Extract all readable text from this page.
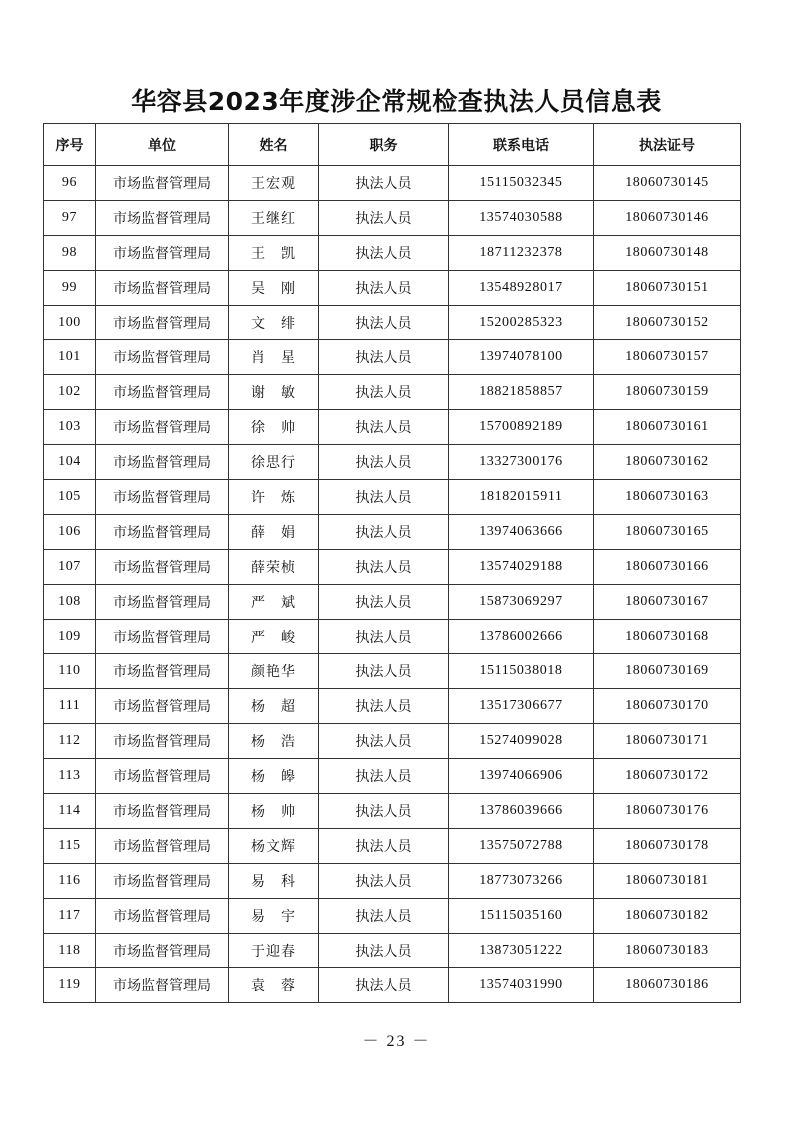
华容县2023年度涉企常规检查执法人员信息表
序号	单位	姓名	职务	联系电话	执法证号
96	市场监督管理局	王宏观	执法人员	15115032345	18060730145
97	市场监督管理局	王继红	执法人员	13574030588	18060730146
98	市场监督管理局	王　凯	执法人员	18711232378	18060730148
99	市场监督管理局	吴　刚	执法人员	13548928017	18060730151
100	市场监督管理局	文　绯	执法人员	15200285323	18060730152
101	市场监督管理局	肖　星	执法人员	13974078100	18060730157
102	市场监督管理局	谢　敏	执法人员	18821858857	18060730159
103	市场监督管理局	徐　帅	执法人员	15700892189	18060730161
104	市场监督管理局	徐思行	执法人员	13327300176	18060730162
105	市场监督管理局	许　炼	执法人员	18182015911	18060730163
106	市场监督管理局	薛　娟	执法人员	13974063666	18060730165
107	市场监督管理局	薛荣桢	执法人员	13574029188	18060730166
108	市场监督管理局	严　斌	执法人员	15873069297	18060730167
109	市场监督管理局	严　峻	执法人员	13786002666	18060730168
110	市场监督管理局	颜艳华	执法人员	15115038018	18060730169
111	市场监督管理局	杨　超	执法人员	13517306677	18060730170
112	市场监督管理局	杨　浩	执法人员	15274099028	18060730171
113	市场监督管理局	杨　皞	执法人员	13974066906	18060730172
114	市场监督管理局	杨　帅	执法人员	13786039666	18060730176
115	市场监督管理局	杨文辉	执法人员	13575072788	18060730178
116	市场监督管理局	易　科	执法人员	18773073266	18060730181
117	市场监督管理局	易　宇	执法人员	15115035160	18060730182
118	市场监督管理局	于迎春	执法人员	13873051222	18060730183
119	市场监督管理局	袁　蓉	执法人员	13574031990	18060730186
－ 23 －
